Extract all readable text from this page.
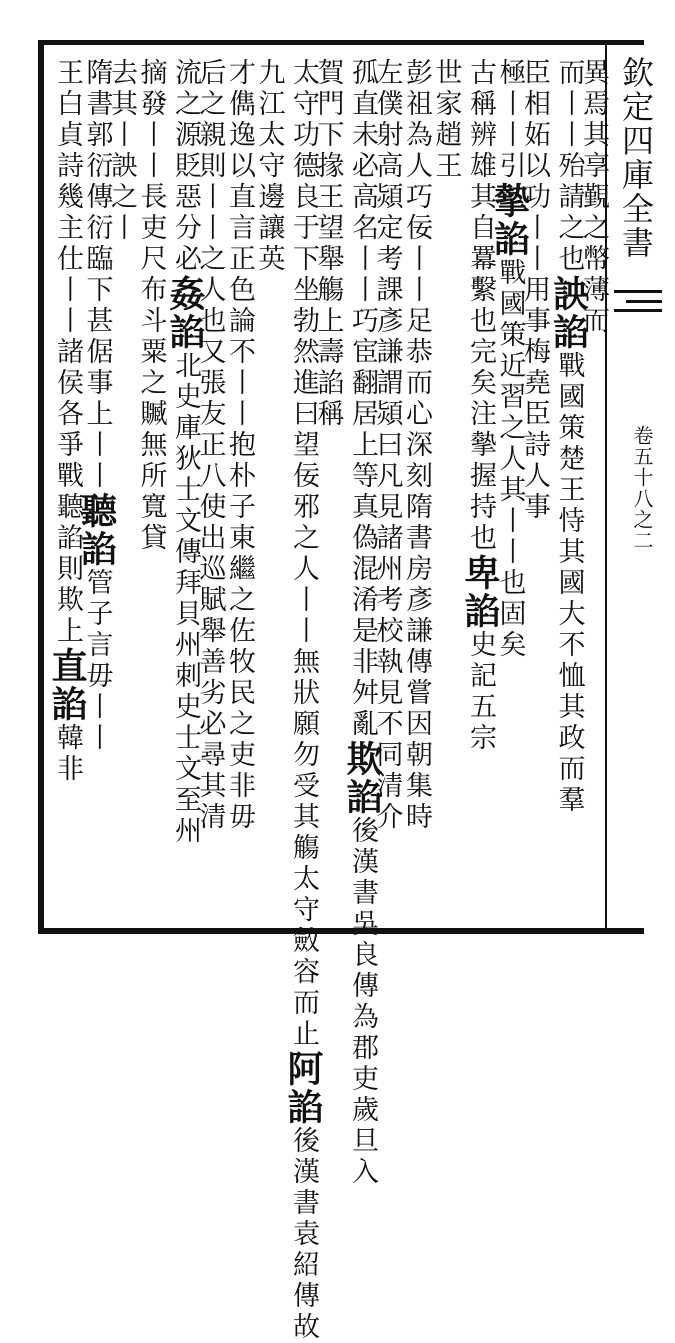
欽定四庫全書
卷五十八之二
異焉其享覲之幣薄而
而丨丨殆請之也詇諂戰國策楚王恃其國大不恤其政而羣
臣相妬以功丨丨用事梅堯臣詩人事
極丨丨引摰諂戰國策近習之人其丨丨也固矣
古稱辨雄其自羃繫也完矣注摰握持也卑諂史記五宗
世家趙王
彭祖為人巧佞丨丨足恭而心深刻隋書房彥謙傳嘗因朝集時
左僕射高熲定考課彥謙謂熲曰凡見諸州考校執見不同清介
孤直未必高名丨丨巧宦翻居上等真偽混淆是非舛亂欺諂後漢書吳良傳為郡吏歲旦入
賀門下掾王望舉觴上壽諂稱
太守功德良于下坐勃然進曰望佞邪之人丨丨無狀願勿受其觴太守斂容而止阿諂後漢書袁紹傳故
九江太守邊讓英
才儁逸以直言正色論不丨丨抱朴子東繼之佐牧民之吏非毋
后之親則丨丨之人也又張友正八使出巡賦舉善劣必尋其清
流之源貶惡分必姦諂北史庫狄士文傳拜貝州刺史士文至州
摘發丨丨長吏尺布斗粟之贓無所寬貸
去其丨詇之丨
隋書郭衍傳衍臨下甚倨事上丨丨聽諂管子言毋丨丨
王白貞詩幾主仕丨丨諸侯各爭戰聽諂則欺上直諂韓非
